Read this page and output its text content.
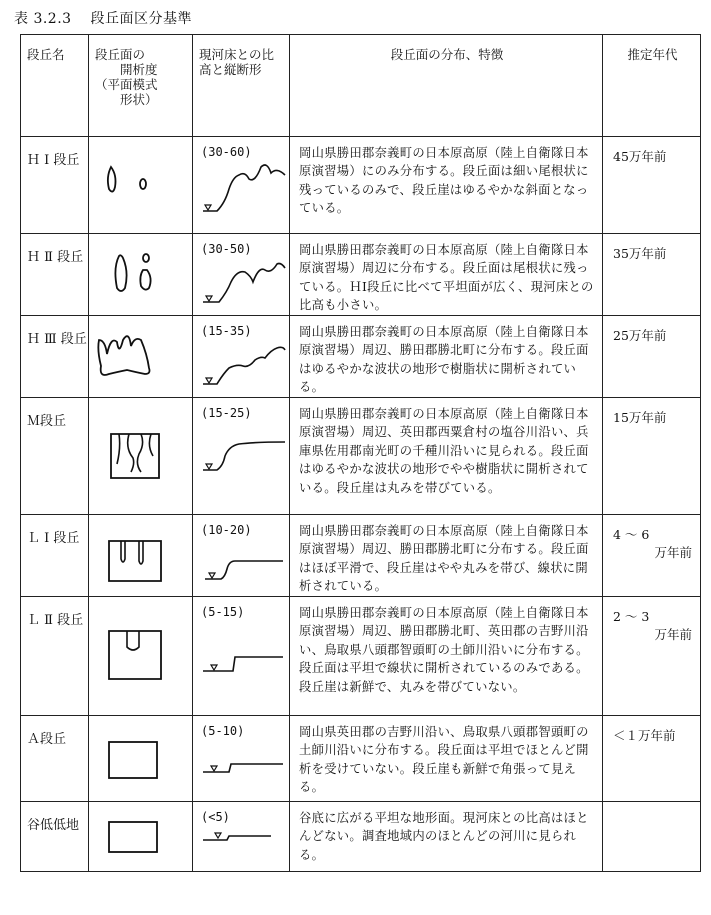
表 3.2.3 段丘面区分基準
段丘名	段丘面の
　　開析度
（平面模式
　　形状）	現河床との比
高と縦断形	段丘面の分布、特徴	推定年代

Ｈ Ⅰ 段丘		(30-60)	岡山県勝田郡奈義町の日本原高原（陸上自衛隊日本原演習場）にのみ分布する。段丘面は細い尾根状に残っているのみで、段丘崖はゆるやかな斜面となっている。	45万年前

Ｈ Ⅱ 段丘		(30-50)	岡山県勝田郡奈義町の日本原高原（陸上自衛隊日本原演習場）周辺に分布する。段丘面は尾根状に残っている。ＨⅠ段丘に比べて平坦面が広く、現河床との比高も小さい。	35万年前

Ｈ Ⅲ 段丘		(15-35)	岡山県勝田郡奈義町の日本原高原（陸上自衛隊日本原演習場）周辺、勝田郡勝北町に分布する。段丘面はゆるやかな波状の地形で樹脂状に開析されている。	25万年前

Ｍ段丘		(15-25)	岡山県勝田郡奈義町の日本原高原（陸上自衛隊日本原演習場）周辺、英田郡西粟倉村の塩谷川沿い、兵庫県佐用郡南光町の千種川沿いに見られる。段丘面はゆるやかな波状の地形でやや樹脂状に開析されている。段丘崖は丸みを帯びている。	15万年前

Ｌ Ⅰ 段丘		(10-20)	岡山県勝田郡奈義町の日本原高原（陸上自衛隊日本原演習場）周辺、勝田郡勝北町に分布する。段丘面はほぼ平滑で、段丘崖はやや丸みを帯び、線状に開析されている。	4 〜 6
万年前

Ｌ Ⅱ 段丘		(5-15)	岡山県勝田郡奈義町の日本原高原（陸上自衛隊日本原演習場）周辺、勝田郡勝北町、英田郡の吉野川沿い、鳥取県八頭郡智頭町の土師川沿いに分布する。段丘面は平坦で線状に開析されているのみである。段丘崖は新鮮で、丸みを帯びていない。	2 〜 3
万年前

Ａ段丘		(5-10)	岡山県英田郡の吉野川沿い、鳥取県八頭郡智頭町の土師川沿いに分布する。段丘面は平坦でほとんど開析を受けていない。段丘崖も新鮮で角張って見える。	＜１万年前

谷低低地		(<5)	谷底に広がる平坦な地形面。現河床との比高はほとんどない。調査地域内のほとんどの河川に見られる。	
